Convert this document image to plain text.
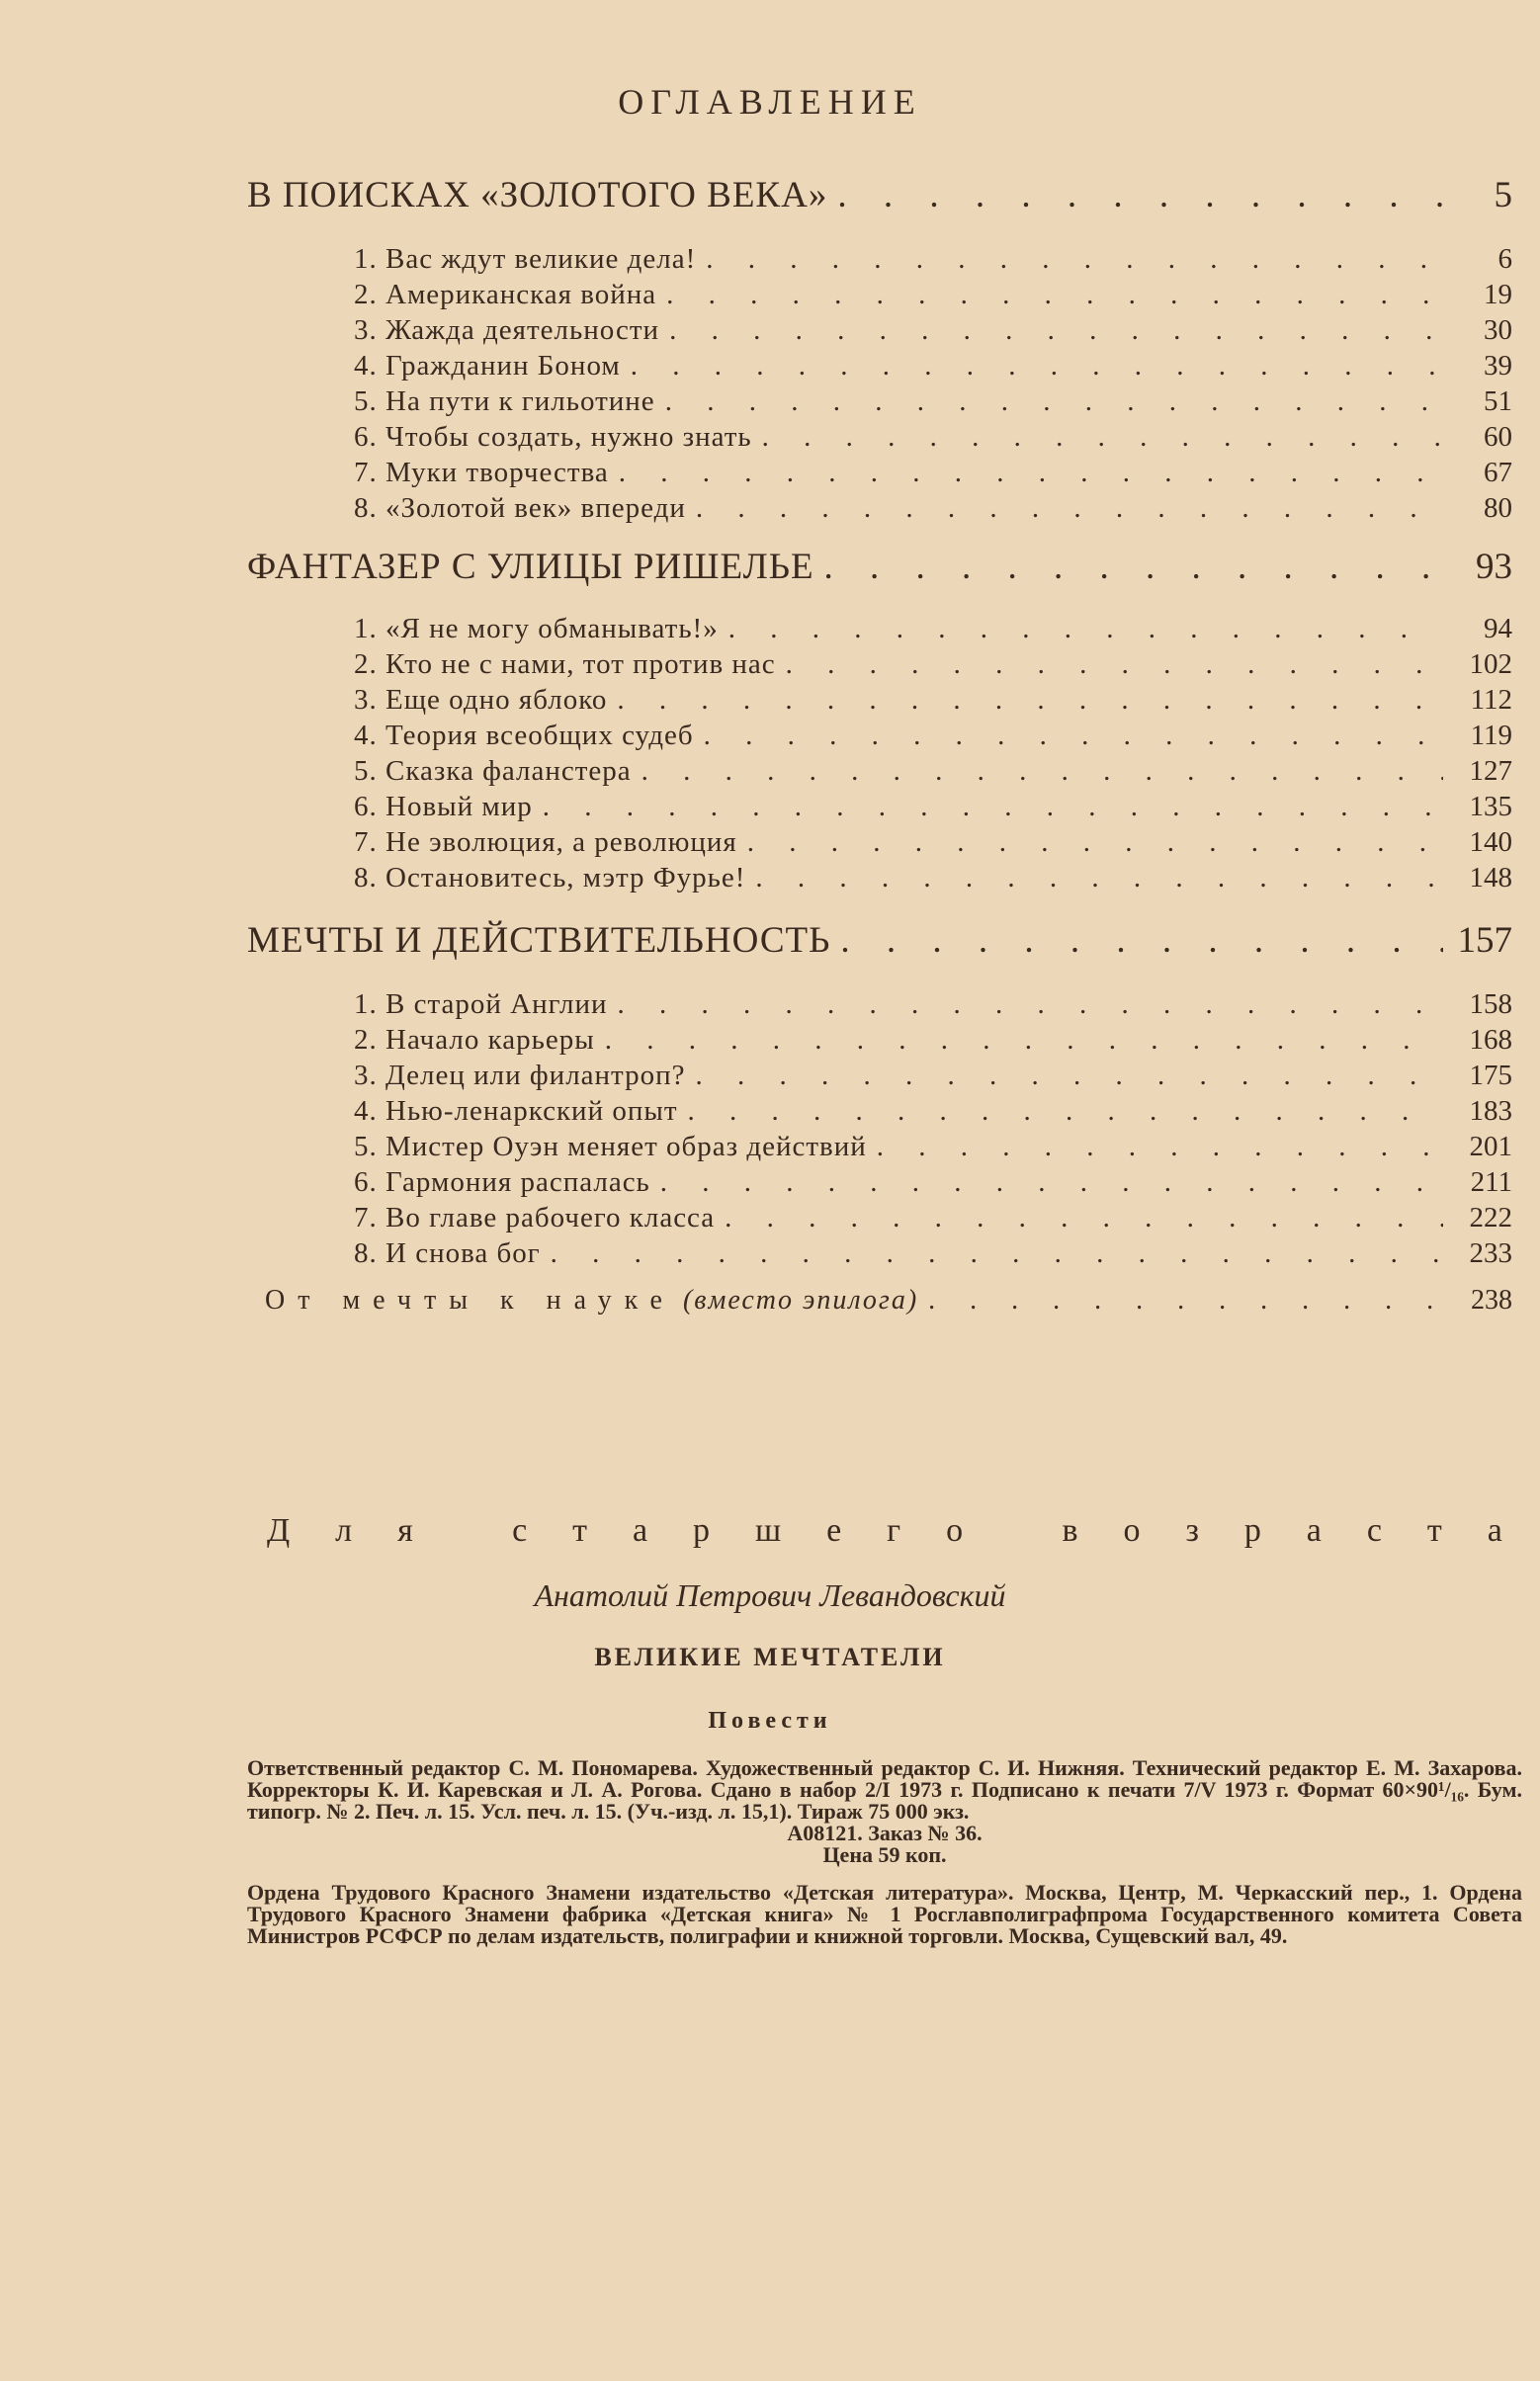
ОГЛАВЛЕНИЕ
В ПОИСКАХ «ЗОЛОТОГО ВЕКА» . . .	5
1. Вас ждут великие дела! . . .	6
2. Американская война . . .	19
3. Жажда деятельности . . .	30
4. Гражданин Боном . . .	39
5. На пути к гильотине . . .	51
6. Чтобы создать, нужно знать . . .	60
7. Муки творчества . . .	67
8. «Золотой век» впереди . . .	80
ФАНТАЗЕР С УЛИЦЫ РИШЕЛЬЕ . . .	93
1. «Я не могу обманывать!» . . .	94
2. Кто не с нами, тот против нас . . .	102
3. Еще одно яблоко . . .	112
4. Теория всеобщих судеб . . .	119
5. Сказка фаланстера . . .	127
6. Новый мир . . .	135
7. Не эволюция, а революция . . .	140
8. Остановитесь, мэтр Фурье! . . .	148
МЕЧТЫ И ДЕЙСТВИТЕЛЬНОСТЬ . . .	157
1. В старой Англии . . .	158
2. Начало карьеры . . .	168
3. Делец или филантроп? . . .	175
4. Нью-ленаркский опыт . . .	183
5. Мистер Оуэн меняет образ действий . . .	201
6. Гармония распалась . . .	211
7. Во главе рабочего класса . . .	222
8. И снова бог . . .	233
От мечты к науке (вместо эпилога) . . .	238
Д л я
	с т а р ш е г о
	в о з р а с т а
Анатолий Петрович Левандовский
ВЕЛИКИЕ МЕЧТАТЕЛИ
Повести

Ответственный редактор С. М. Пономарева. Художественный редактор С. И. Нижняя. Технический редактор Е. М. Захарова. Корректоры К. И. Каревская и Л. А. Рогова. Сдано в набор 2/I 1973 г. Подписано к печати 7/V 1973 г. Формат 60×90¹/₁₆. Бум. типогр. № 2. Печ. л. 15. Усл. печ. л. 15. (Уч.-изд. л. 15,1). Тираж 75 000 экз.

А08121. Заказ № 36.

Цена 59 коп.

Ордена Трудового Красного Знамени издательство «Детская литература». Москва, Центр, М. Черкасский пер., 1. Ордена Трудового Красного Знамени фабрика «Детская книга» № 1 Росглавполиграфпрома Государственного комитета Совета Министров РСФСР по делам издательств, полиграфии и книжной торговли. Москва, Сущевский вал, 49.
